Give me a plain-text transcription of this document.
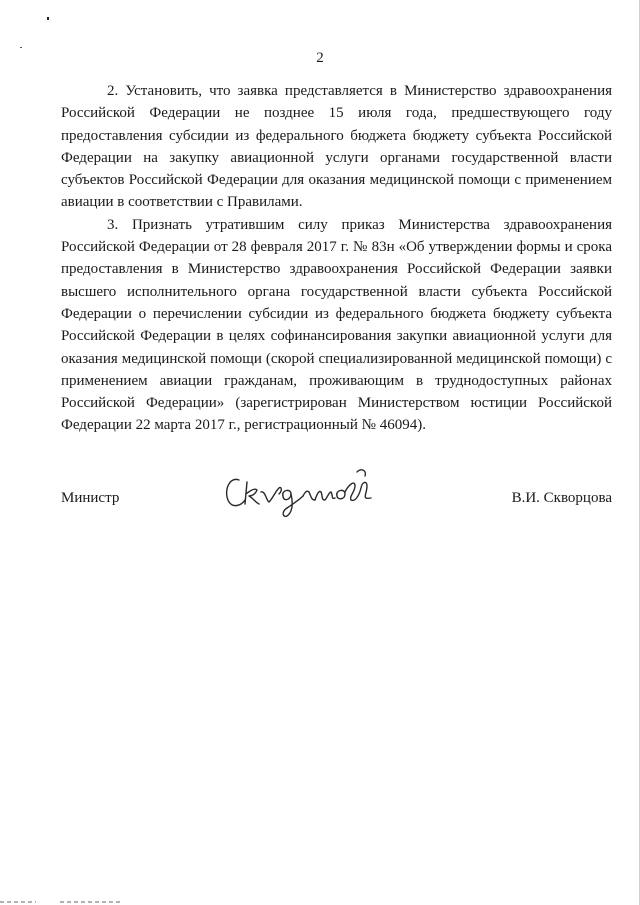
2

2. Установить, что заявка представляется в Министерство здравоохранения Российской Федерации не позднее 15 июля года, предшествующего году предоставления субсидии из федерального бюджета бюджету субъекта Российской Федерации на закупку авиационной услуги органами государственной власти субъектов Российской Федерации для оказания медицинской помощи с применением авиации в соответствии с Правилами.

3. Признать утратившим силу приказ Министерства здравоохранения Российской Федерации от 28 февраля 2017 г. № 83н «Об утверждении формы и срока предоставления в Министерство здравоохранения Российской Федерации заявки высшего исполнительного органа государственной власти субъекта Российской Федерации о перечислении субсидии из федерального бюджета бюджету субъекта Российской Федерации в целях софинансирования закупки авиационной услуги для оказания медицинской помощи (скорой специализированной медицинской помощи) с применением авиации гражданам, проживающим в труднодоступных районах Российской Федерации» (зарегистрирован Министерством юстиции Российской Федерации 22 марта 2017 г., регистрационный № 46094).

Министр	В.И. Скворцова
